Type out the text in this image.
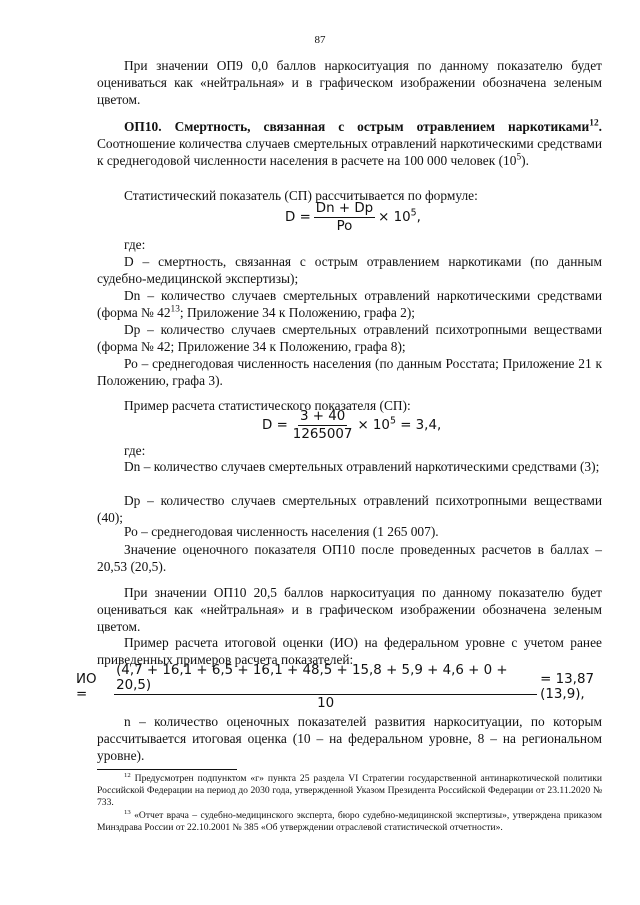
87
При значении ОП9 0,0 баллов наркоситуация по данному показателю будет оцениваться как «нейтральная» и в графическом изображении обозначена зеленым цветом.
ОП10. Смертность, связанная с острым отравлением наркотиками$^{12}$. Соотношение количества случаев смертельных отравлений наркотическими средствами к среднегодовой численности населения в расчете на 100 000 человек $(10^5)$.
Статистический показатель (СП) рассчитывается по формуле:
$D = \frac{Dn + Dp}{Po} \times 10^5$,
где:
D – смертность, связанная с острым отравлением наркотиками (по данным судебно-медицинской экспертизы);
Dn – количество случаев смертельных отравлений наркотическими средствами (форма № $42^{13}$; Приложение 34 к Положению, графа 2);
Dp – количество случаев смертельных отравлений психотропными веществами (форма № 42; Приложение 34 к Положению, графа 8);
Ро – среднегодовая численность населения (по данным Росстата; Приложение 21 к Положению, графа 3).
Пример расчета статистического показателя (СП):
$D = \frac{3 + 40}{1265007} \times 10^5 = 3,4$,
где:
Dn – количество случаев смертельных отравлений наркотическими средствами (3);
Dp – количество случаев смертельных отравлений психотропными веществами (40);
Ро – среднегодовая численность населения (1 265 007).
Значение оценочного показателя ОП10 после проведенных расчетов в баллах – 20,53 (20,5).
При значении ОП10 20,5 баллов наркоситуация по данному показателю будет оцениваться как «нейтральная» и в графическом изображении обозначена зеленым цветом.
Пример расчета итоговой оценки (ИО) на федеральном уровне с учетом ранее приведенных примеров расчета показателей:
ИО =
(4,7 + 16,1 + 6,5 + 16,1 + 48,5 + 15,8 + 5,9 + 4,6 + 0 + 20,5)
10
= 13,87 (13,9),
n – количество оценочных показателей развития наркоситуации, по которым рассчитывается итоговая оценка (10 – на федеральном уровне, 8 – на региональном уровне).
$^{12}$ Предусмотрен подпунктом «г» пункта 25 раздела VI Стратегии государственной антинаркотической политики Российской Федерации на период до 2030 года, утвержденной Указом Президента Российской Федерации от 23.11.2020 № 733.
$^{13}$ «Отчет врача – судебно-медицинского эксперта, бюро судебно-медицинской экспертизы», утверждена приказом Минздрава России от 22.10.2001 № 385 «Об утверждении отраслевой статистической отчетности».
